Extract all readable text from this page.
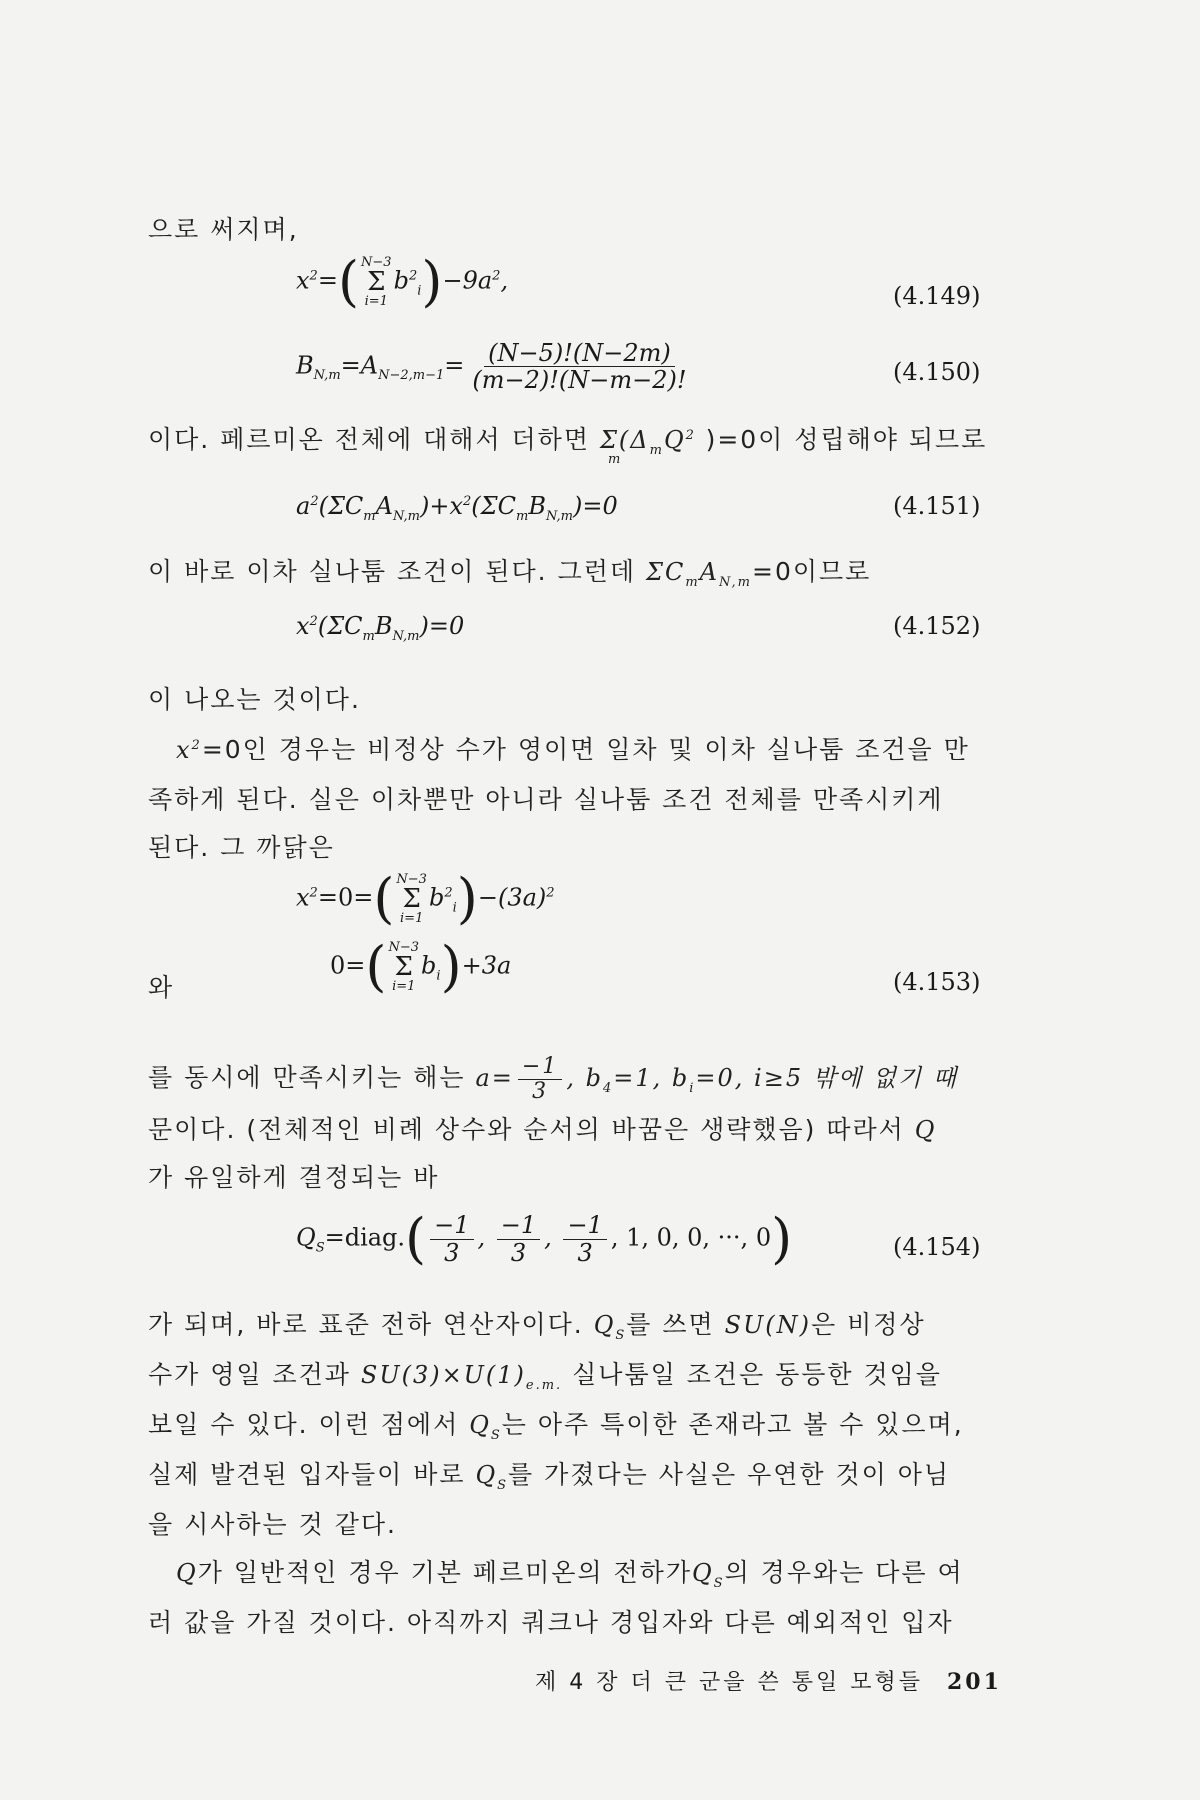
으로 써지며,
$x^2=$( N−3
Σ
i=1
$b^2_i)-9a^2$,
(4.149)
$B_{N,m}=A_{N-2,m-1}= \frac{(N-5)!(N-2m)}{(m-2)!(N-m-2)!}$	(4.150)
이다. 페르미온 전체에 대해서 더하면 $\Sigma(\Delta_mQ^2$
m
)=0이 성립해야 되므로
$a^2(\Sigma C_mA_{N,m})+x^2(\Sigma C_mB_{N,m})=0$	(4.151)
이 바로 이차 실나툼 조건이 된다. 그런데 $\Sigma C_mA_{N,m}=0$이므로
$x^2(\Sigma C_mB_{N,m})=0$	(4.152)
이 나오는 것이다.
$x^2=0$인 경우는 비정상 수가 영이면 일차 및 이차 실나툼 조건을 만
족하게 된다. 실은 이차뿐만 아니라 실나툼 조건 전체를 만족시키게
된다. 그 까닭은
$x^2=0=$( N−3
Σ
i=1
$b^2_i)-(3a)^2$
와
0=( N−3
Σ
i=1
$b_i)+3a$
(4.153)
를 동시에 만족시키는 해는 $a= \frac{-1}{3}$ , $b_4=1$, $b_i=0$, i≥5 밖에 없기 때
문이다. (전체적인 비례 상수와 순서의 바꿈은 생략했음) 따라서 Q
가 유일하게 결정되는 바
$Q_S=diag.( \frac{-1}{3}$ , $\frac{-1}{3}$ , $\frac{-1}{3}$ , 1, 0, 0, ···, 0)	(4.154)
가 되며, 바로 표준 전하 연산자이다. $Q_S$를 쓰면 SU(N)은 비정상
수가 영일 조건과 $SU(3)\times U(1)_{e.m.}$ 실나툼일 조건은 동등한 것임을
보일 수 있다. 이런 점에서 $Q_S$는 아주 특이한 존재라고 볼 수 있으며,
실제 발견된 입자들이 바로 $Q_S$를 가졌다는 사실은 우연한 것이 아님
을 시사하는 것 같다.
Q가 일반적인 경우 기본 페르미온의 전하가$Q_S$의 경우와는 다른 여
러 값을 가질 것이다. 아직까지 쿼크나 경입자와 다른 예외적인 입자
제 4 장 더 큰 군을 쓴 통일 모형들 201
